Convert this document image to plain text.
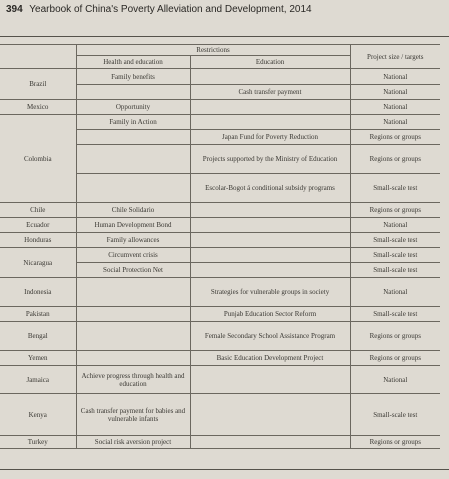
394 Yearbook of China's Poverty Alleviation and Development, 2014
	Restrictions		Project size / targets
	Health and education	Education	
Brazil	Family benefits		National
		Cash transfer payment	National
Mexico	Opportunity		National
Colombia	Family in Action		National
		Japan Fund for Poverty Reduction	Regions or groups
		Projects supported by the Ministry of Education	Regions or groups
		Escolar-Bogot á conditional subsidy programs	Small-scale test
Chile	Chile Solidario		Regions or groups
Ecuador	Human Development Bond		National
Honduras	Family allowances		Small-scale test
Nicaragua	Circumvent crisis		Small-scale test
	Social Protection Net		Small-scale test
Indonesia		Strategies for vulnerable groups in society	National
Pakistan		Punjab Education Sector Reform	Small-scale test
Bengal		Female Secondary School Assistance Program	Regions or groups
Yemen		Basic Education Development Project	Regions or groups
Jamaica	Achieve progress through health and education		National
Kenya	Cash transfer payment for babies and vulnerable infants		Small-scale test
Turkey	Social risk aversion project		Regions or groups
